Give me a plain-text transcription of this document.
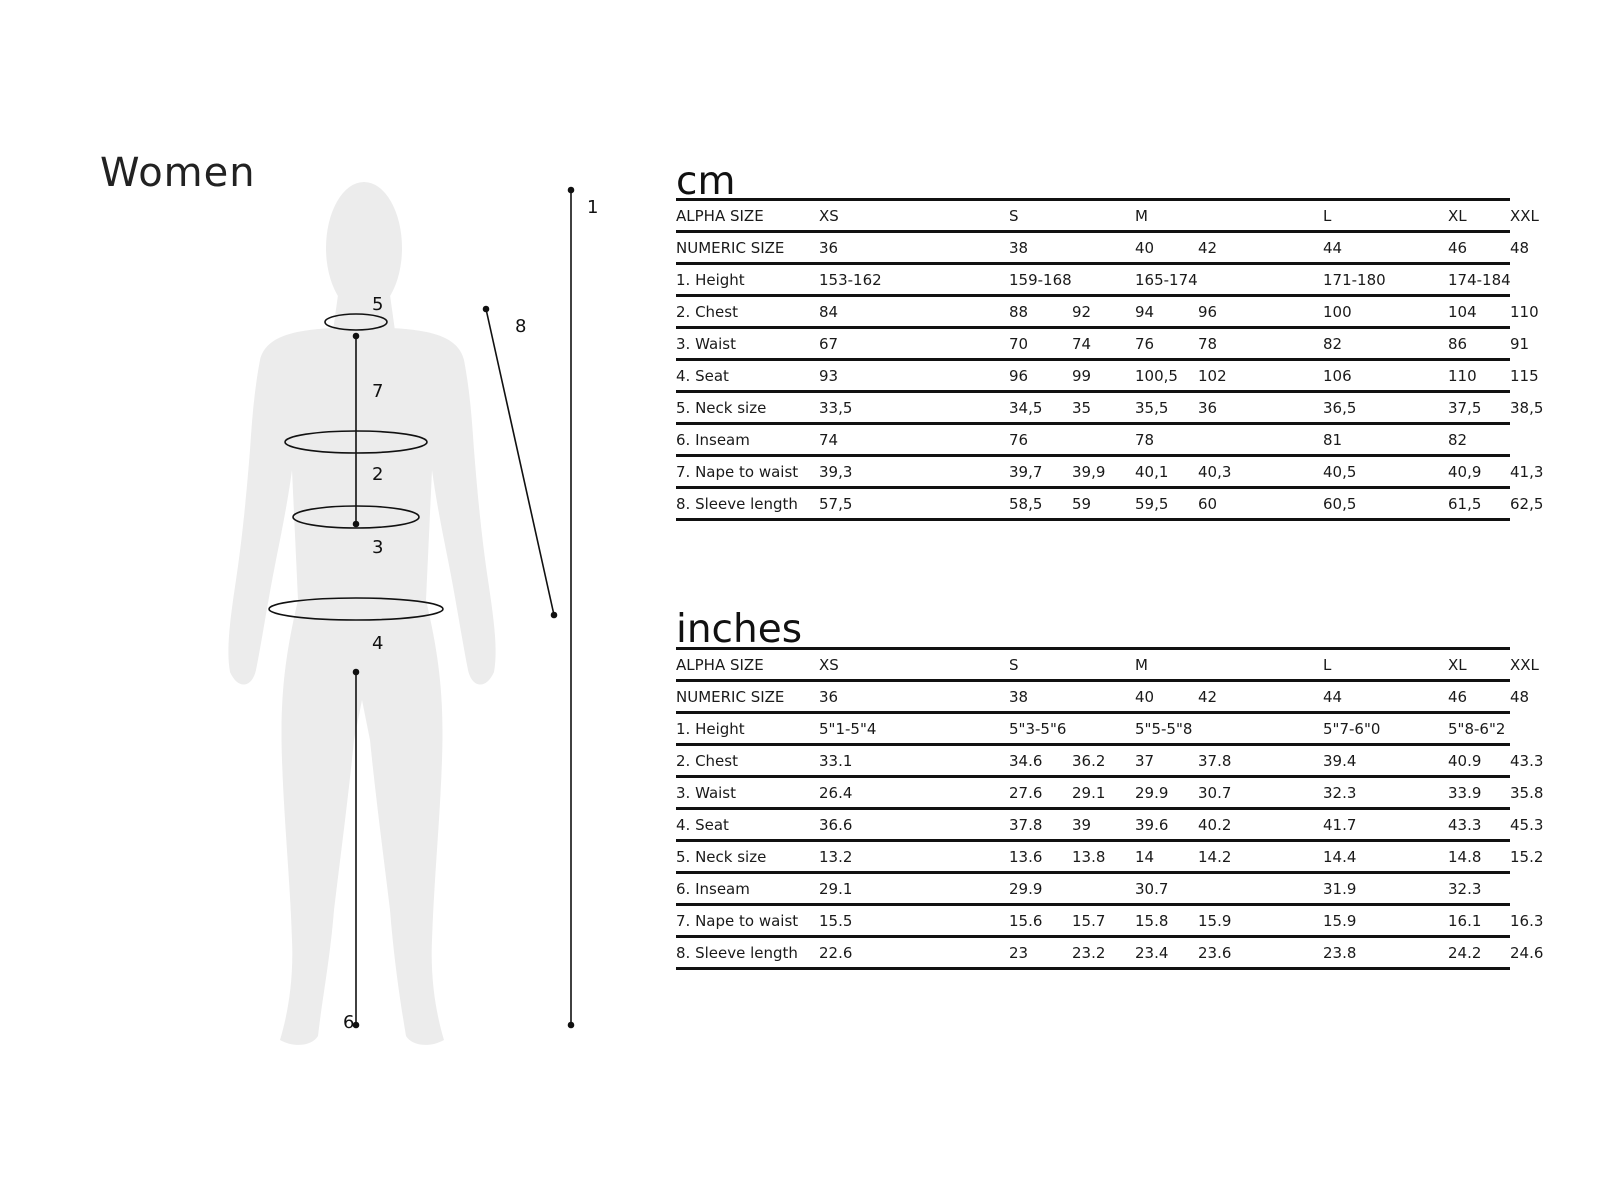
Women
1
2
3
4
5
6
7
8
cm
ALPHA SIZE	XS			S		M		L	XL	XXL
NUMERIC SIZE	36			38		40	42	44	46	48
1. Height	153-162			159-168		165-174		171-180	174-184	
2. Chest	84			88	92	94	96	100	104	110
3. Waist	67			70	74	76	78	82	86	91
4. Seat	93			96	99	100,5	102	106	110	115
5. Neck size	33,5			34,5	35	35,5	36	36,5	37,5	38,5
6. Inseam	74			76		78		81	82	
7. Nape to waist	39,3			39,7	39,9	40,1	40,3	40,5	40,9	41,3
8. Sleeve length	57,5			58,5	59	59,5	60	60,5	61,5	62,5
inches
ALPHA SIZE	XS			S		M		L	XL	XXL
NUMERIC SIZE	36			38		40	42	44	46	48
1. Height	5"1-5"4			5"3-5"6		5"5-5"8		5"7-6"0	5"8-6"2	
2. Chest	33.1			34.6	36.2	37	37.8	39.4	40.9	43.3
3. Waist	26.4			27.6	29.1	29.9	30.7	32.3	33.9	35.8
4. Seat	36.6			37.8	39	39.6	40.2	41.7	43.3	45.3
5. Neck size	13.2			13.6	13.8	14	14.2	14.4	14.8	15.2
6. Inseam	29.1			29.9		30.7		31.9	32.3	
7. Nape to waist	15.5			15.6	15.7	15.8	15.9	15.9	16.1	16.3
8. Sleeve length	22.6			23	23.2	23.4	23.6	23.8	24.2	24.6
